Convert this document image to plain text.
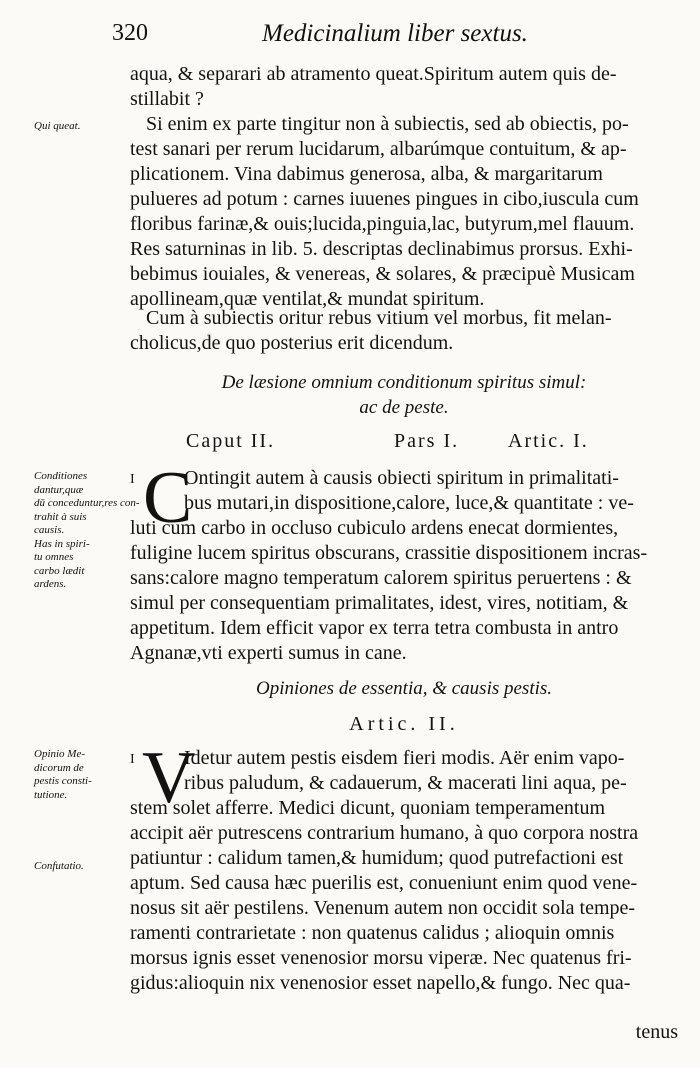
320	Medicinalium liber sextus.
aqua, & separari ab atramento queat.Spiritum autem quis de-
stillabit ?
Qui queat.	Si enim ex parte tingitur non à subiectis, sed ab obiectis, po-
test sanari per rerum lucidarum, albarúmque contuitum, & ap-
plicationem. Vina dabimus generosa, alba, & margaritarum
pulueres ad potum : carnes iuuenes pingues in cibo,iuscula cum
floribus farinæ,& ouis;lucida,pinguia,lac, butyrum,mel flauum.
Res saturninas in lib. 5. descriptas declinabimus prorsus. Exhi-
bebimus iouiales, & venereas, & solares, & præcipuè Musicam
apollineam,quæ ventilat,& mundat spiritum.
Cum à subiectis oritur rebus vitium vel morbus, fit melan-
cholicus,de quo posterius erit dicendum.
De læsione omnium conditionum spiritus simul:
ac de peste.
Caput II.	Pars I. Artic. I.
Conditiones
dantur,quæ
dū conceduntur,res con-
trahit à suis
causis.
Has in spiri-
tu omnes
carbo lædit
ardens.
I C
Ontingit autem à causis obiecti spiritum in primalitati-
bus mutari,in dispositione,calore, luce,& quantitate : ve-
luti cum carbo in occluso cubiculo ardens enecat dormientes,
fuligine lucem spiritus obscurans, crassitie dispositionem incras-
sans:calore magno temperatum calorem spiritus peruertens : &
simul per consequentiam primalitates, idest, vires, notitiam, &
appetitum. Idem efficit vapor ex terra tetra combusta in antro
Agnanæ,vti experti sumus in cane.
Opiniones de essentia, & causis pestis.
Artic. II.
Opinio Me-
dicorum de
pestis consti-
tutione.
Confutatio.
I V
Idetur autem pestis eisdem fieri modis. Aër enim vapo-
ribus paludum, & cadauerum, & macerati lini aqua, pe-
stem solet afferre. Medici dicunt, quoniam temperamentum
accipit aër putrescens contrarium humano, à quo corpora nostra
patiuntur : calidum tamen,& humidum; quod putrefactioni est
aptum. Sed causa hæc puerilis est, conueniunt enim quod vene-
nosus sit aër pestilens. Venenum autem non occidit sola tempe-
ramenti contrarietate : non quatenus calidus ; alioquin omnis
morsus ignis esset venenosior morsu viperæ. Nec quatenus fri-
gidus:alioquin nix venenosior esset napello,& fungo. Nec qua-
tenus
